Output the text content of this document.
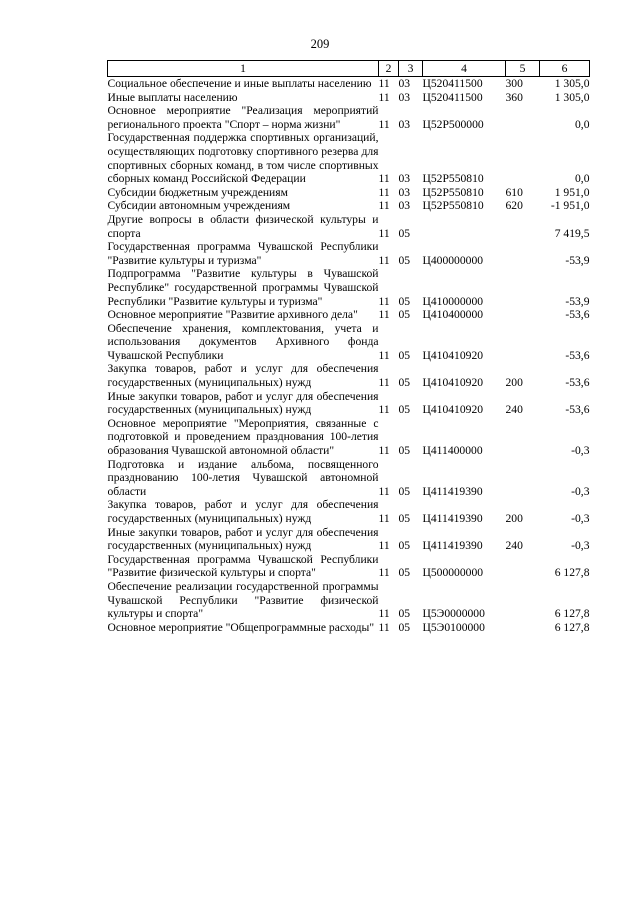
209
1	2	3	4	5	6
Социальное обеспечение и иные выплаты населению	11	03	Ц520411500	300	1 305,0
Иные выплаты населению	11	03	Ц520411500	360	1 305,0
Основное мероприятие "Реализация мероприятий регионального проекта "Спорт – норма жизни"	11	03	Ц52Р500000		0,0
Государственная поддержка спортивных организаций, осуществляющих подготовку спортивного резерва для спортивных сборных команд, в том числе спортивных сборных команд Российской Федерации	11	03	Ц52Р550810		0,0
Субсидии бюджетным учреждениям	11	03	Ц52Р550810	610	1 951,0
Субсидии автономным учреждениям	11	03	Ц52Р550810	620	-1 951,0
Другие вопросы в области физической культуры и спорта	11	05			7 419,5
Государственная программа Чувашской Республики "Развитие культуры и туризма"	11	05	Ц400000000		-53,9
Подпрограмма "Развитие культуры в Чувашской Республике" государственной программы Чувашской Республики "Развитие культуры и туризма"	11	05	Ц410000000		-53,9
Основное мероприятие "Развитие архивного дела"	11	05	Ц410400000		-53,6
Обеспечение хранения, комплектования, учета и использования документов Архивного фонда Чувашской Республики	11	05	Ц410410920		-53,6
Закупка товаров, работ и услуг для обеспечения государственных (муниципальных) нужд	11	05	Ц410410920	200	-53,6
Иные закупки товаров, работ и услуг для обеспечения государственных (муниципальных) нужд	11	05	Ц410410920	240	-53,6
Основное мероприятие "Мероприятия, связанные с подготовкой и проведением празднования 100-летия образования Чувашской автономной области"	11	05	Ц411400000		-0,3
Подготовка и издание альбома, посвященного празднованию 100-летия Чувашской автономной области	11	05	Ц411419390		-0,3
Закупка товаров, работ и услуг для обеспечения государственных (муниципальных) нужд	11	05	Ц411419390	200	-0,3
Иные закупки товаров, работ и услуг для обеспечения государственных (муниципальных) нужд	11	05	Ц411419390	240	-0,3
Государственная программа Чувашской Республики "Развитие физической культуры и спорта"	11	05	Ц500000000		6 127,8
Обеспечение реализации государственной программы Чувашской Республики "Развитие физической культуры и спорта"	11	05	Ц5Э0000000		6 127,8
Основное мероприятие "Общепрограммные расходы"	11	05	Ц5Э0100000		6 127,8
